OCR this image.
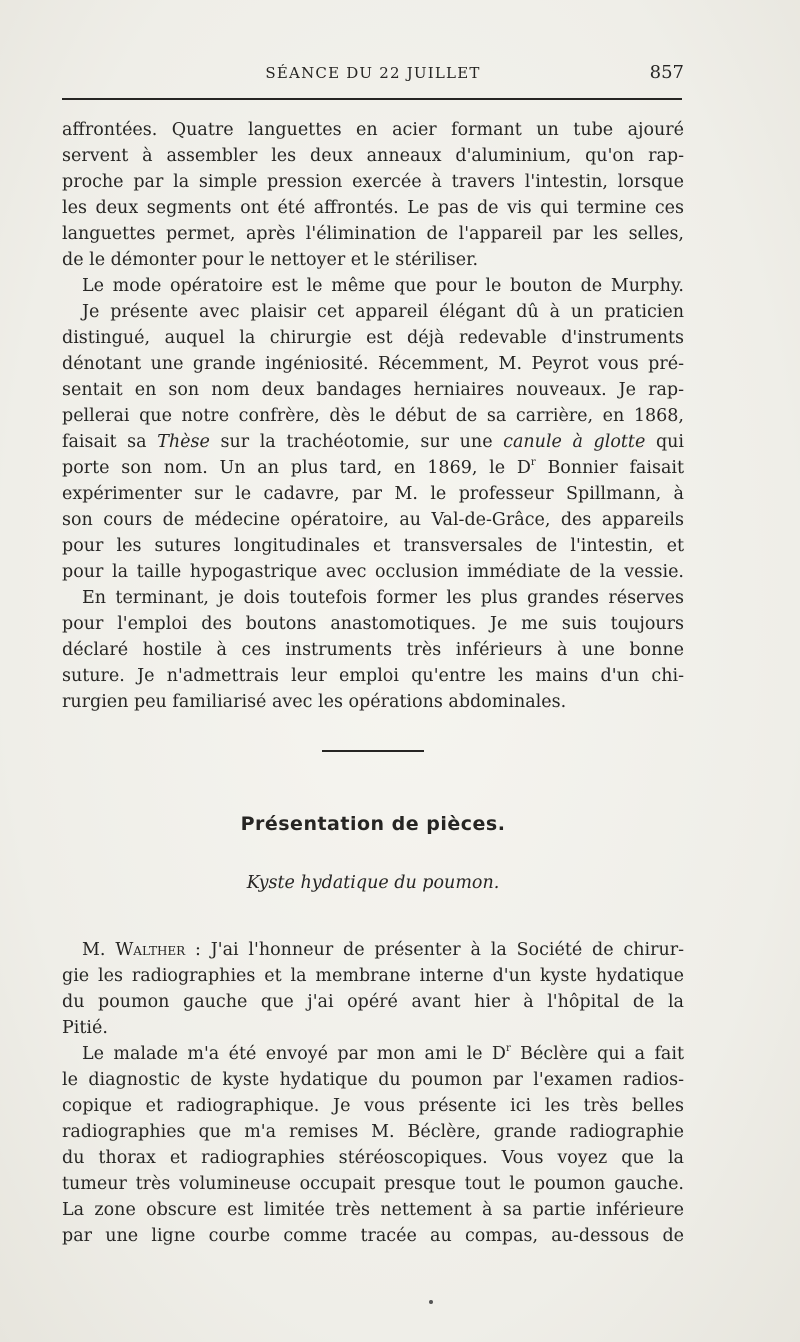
SÉANCE DU 22 JUILLET	857
affrontées. Quatre languettes en acier formant un tube ajouré
servent à assembler les deux anneaux d'aluminium, qu'on rap-
proche par la simple pression exercée à travers l'intestin, lorsque
les deux segments ont été affrontés. Le pas de vis qui termine ces
languettes permet, après l'élimination de l'appareil par les selles,
de le démonter pour le nettoyer et le stériliser.
Le mode opératoire est le même que pour le bouton de Murphy.
Je présente avec plaisir cet appareil élégant dû à un praticien
distingué, auquel la chirurgie est déjà redevable d'instruments
dénotant une grande ingéniosité. Récemment, M. Peyrot vous pré-
sentait en son nom deux bandages herniaires nouveaux. Je rap-
pellerai que notre confrère, dès le début de sa carrière, en 1868,
faisait sa Thèse sur la trachéotomie, sur une canule à glotte qui
porte son nom. Un an plus tard, en 1869, le $D^r$ Bonnier faisait
expérimenter sur le cadavre, par M. le professeur Spillmann, à
son cours de médecine opératoire, au Val-de-Grâce, des appareils
pour les sutures longitudinales et transversales de l'intestin, et
pour la taille hypogastrique avec occlusion immédiate de la vessie.
En terminant, je dois toutefois former les plus grandes réserves
pour l'emploi des boutons anastomotiques. Je me suis toujours
déclaré hostile à ces instruments très inférieurs à une bonne
suture. Je n'admettrais leur emploi qu'entre les mains d'un chi-
rurgien peu familiarisé avec les opérations abdominales.
Présentation de pièces.
Kyste hydatique du poumon.
M. Walther : J'ai l'honneur de présenter à la Société de chirur-
gie les radiographies et la membrane interne d'un kyste hydatique
du poumon gauche que j'ai opéré avant hier à l'hôpital de la
Pitié.
Le malade m'a été envoyé par mon ami le $D^r$ Béclère qui a fait
le diagnostic de kyste hydatique du poumon par l'examen radios-
copique et radiographique. Je vous présente ici les très belles
radiographies que m'a remises M. Béclère, grande radiographie
du thorax et radiographies stéréoscopiques. Vous voyez que la
tumeur très volumineuse occupait presque tout le poumon gauche.
La zone obscure est limitée très nettement à sa partie inférieure
par une ligne courbe comme tracée au compas, au-dessous de
